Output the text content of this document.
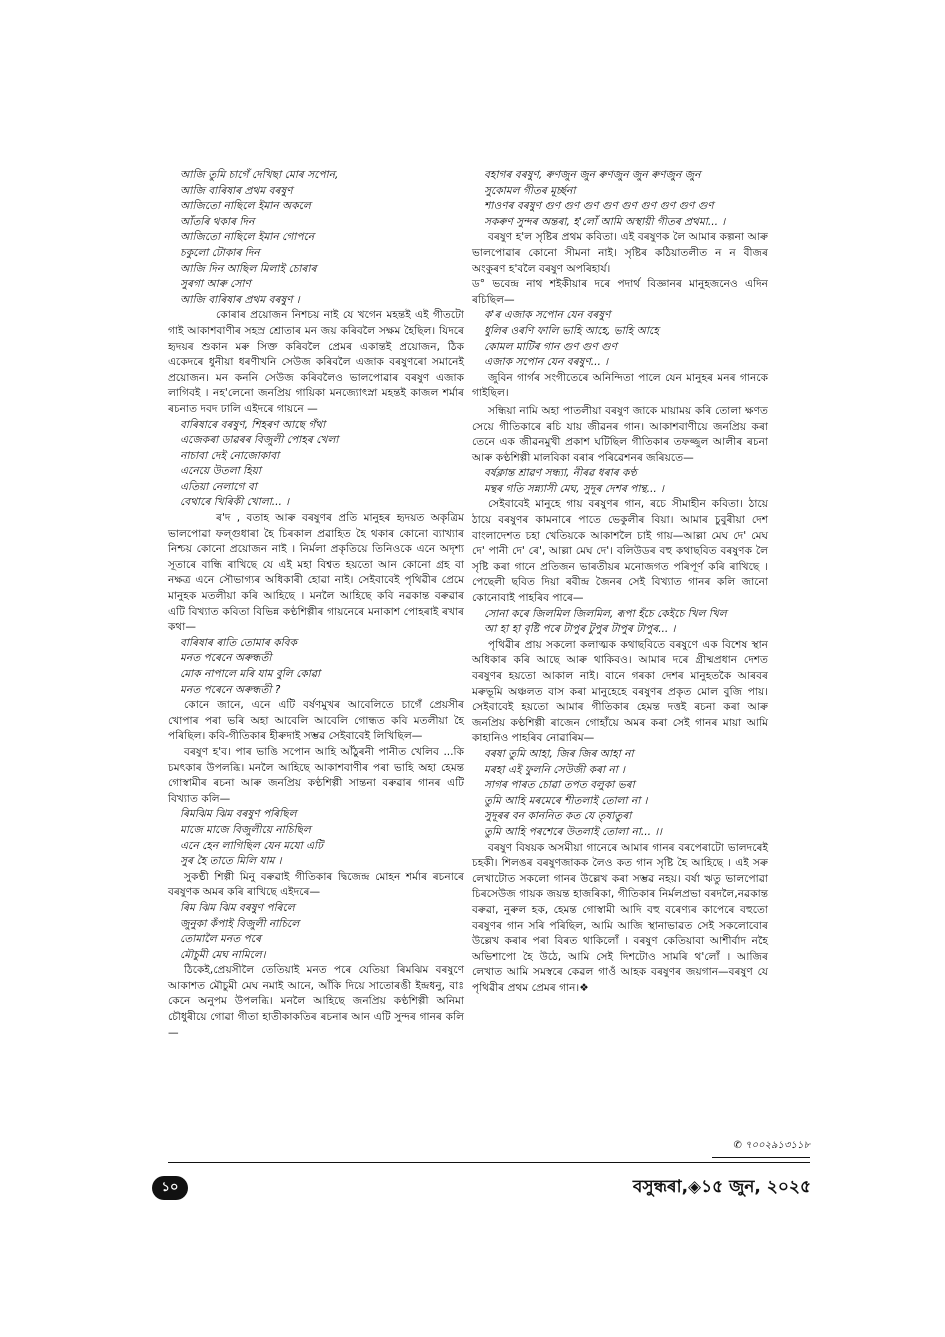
আজি তুমি চাগেঁ দেখিছা মোৰ সপোন,
আজি বাৰিষাৰ প্ৰথম বৰষুণ
আজিতো নাছিলে ইমান অকলে
আঁতৰি থকাৰ দিন
আজিতো নাছিলে ইমান গোপনে
চকুলো টোকাৰ দিন
আজি দিন আছিল মিলাই চোৰাৰ
সুৰগা আৰু সোণ
আজি বাৰিষাৰ প্ৰথম বৰষুণ ।

কোৰাৰ প্ৰয়োজন নিশচয় নাই যে খগেন মহন্তই এই গীতটো গাই আকাশবাণীৰ সহস্ৰ শ্ৰোতাৰ মন জয় কৰিবলৈ সক্ষম হৈছিল। যিদৰে হৃদয়ৰ শুকান মৰু সিক্ত কৰিবলৈ প্ৰেমৰ একান্তই প্ৰয়োজন, ঠিক একেদৰে ধুনীয়া ধৰণীখনি সেউজ কৰিবলৈ এজাক বৰষুণৰো সমানেই প্ৰয়োজন। মন কননি সেউজ কৰিবলৈও ভালপোৱাৰ বৰষুণ এজাক লাগিবই । নহ'লেনো জনপ্ৰিয় গায়িকা মনজ্যোৎস্না মহন্তই কাজল শৰ্মাৰ ৰচনাত দবদ ঢালি এইদৰে গায়নে —

বাৰিষাৰে বৰষুণ, শিহৰণ আছে গঁথা
এজেকৰা ডাৱৰৰ বিজুলী পোহৰ খেলা
নাচাবা দেই নোজোকাবা
এনেয়ে উতলা হিয়া
এতিয়া নেলাগে বা
বেথাৰে খিৰিকী খোলা... ।

ৰ'দ , বতাহ আৰু বৰষুণৰ প্ৰতি মানুহৰ হৃদয়ত অকৃত্ৰিম ভালপোৱা ফল্গুধাৰা হৈ চিৰকাল প্ৰৱাহিত হৈ থকাৰ কোনো ব্যাখ্যাৰ নিশ্চয় কোনো প্ৰয়োজন নাই । নিৰ্মলা প্ৰকৃতিয়ে তিনিওকে এনে অদৃশ্য সূতাৰে বান্ধি ৰাখিছে যে এই মহা বিশ্বত হয়তো আন কোনো গ্ৰহ বা নক্ষত্ৰ এনে সৌভাগ্যৰ অধিকাৰী হোৱা নাই। সেইবাবেই পৃথিৱীৰ প্ৰেমে মানুহক মতলীয়া কৰি আহিছে । মনলৈ আহিছে কবি নৱকান্ত বৰুৱাৰ এটি বিখ্যাত কবিতা বিভিন্ন কণ্ঠশিল্পীৰ গায়নেৰে মনাকাশ পোহৰাই ৰখাৰ কথা—

বাৰিষাৰ ৰাতি তোমাৰ কবিক
মনত পৰেনে অৰুন্ধতী
মোক নাপালে মৰি যাম বুলি কোৱা
মনত পৰেনে অৰুন্ধতী ?

কোনে জানে, এনে এটি বৰ্ষণমুখৰ আবেলিতে চাগেঁ প্ৰেয়সীৰ খোপাৰ পৰা ভৰি অহা আবেলি আবেলি গোন্ধত কবি মতলীয়া হৈ পৰিছিল। কবি-গীতিকাৰ হীৰুদাই সম্ভৱ সেইবাবেই লিখিছিল—

বৰষুণ হ'ব। পাৰ ভাঙি সপোন আহি আঁঠুৰনী পানীত খেলিব ...কি চমৎকাৰ উপলব্ধি। মনলৈ আহিছে আকাশবাণীৰ পৰা ভাহি অহা হেমন্ত গোস্বামীৰ ৰচনা আৰু জনপ্ৰিয় কণ্ঠশিল্পী সান্তনা বৰুৱাৰ গানৰ এটি বিখ্যাত কলি—

ৰিমঝিম ঝিম বৰষুণ পৰিছিল
মাজে মাজে বিজুলীয়ে নাচিছিল
এনে হেন লাগিছিল যেন মযো এটি
সুৰ হৈ তাতে মিলি যাম ।

সুকণ্ঠী শিল্পী মিনু বৰুৱাই গীতিকাৰ দ্বিজেন্দ্ৰ মোহন শৰ্মাৰ ৰচনাৰে বৰষুণক অমৰ কৰি ৰাখিছে এইদৰে—

ৰিম ঝিম ঝিম বৰষুণ পৰিলে
জুনুকা কঁপাই বিজুলী নাচিলে
তোমালৈ মনত পৰে
মৌচুমী মেঘ নামিলে।

ঠিকেই,প্ৰেয়সীলৈ তেতিয়াই মনত পৰে যেতিয়া ৰিমঝিম বৰষুণে আকাশত মৌচুমী মেঘ নমাই আনে, আঁকি দিয়ে সাতোৰঙী ইন্দ্ৰধনু, বাঃ কেনে অনুপম উপলব্ধি। মনলৈ আহিছে জনপ্ৰিয় কণ্ঠশিল্পী অনিমা চৌধুৰীয়ে গোৱা গীতা হাতীকাকতিৰ ৰচনাৰ আন এটি সুন্দৰ গানৰ কলি—

বহাগৰ বৰষুণ, ৰুণজুন জুন ৰুণজুন জুন ৰুণজুন জুন
সুকোমল গীতৰ মূৰ্চ্ছনা
শাওণৰ বৰষুণ গুণ গুণ গুণ গুণ গুণ গুণ গুণ গুণ গুণ
সকৰুণ সুন্দৰ অন্তৰা, হ'লোঁ আমি অস্থায়ী গীতৰ প্ৰথমা... ।

বৰষুণ হ'ল সৃষ্টিৰ প্ৰথম কবিতা। এই বৰষুণক লৈ আমাৰ কল্পনা আৰু ভালপোৱাৰ কোনো সীমনা নাই। সৃষ্টিৰ কঠিয়াতলীত ন ন বীজৰ অংকুৰণ হ'বলৈ বৰষুণ অপৰিহাৰ্য।

ড° ভবেন্দ্ৰ নাথ শইকীয়াৰ দৰে পদাৰ্থ বিজ্ঞানৰ মানুহজনেও এদিন ৰচিছিল—

ক'ৰ এজাক সপোন যেন বৰষুণ
ধুলিৰ ওৰণি ফালি ভাহি আহে, ভাহি আহে
কোমল মাটিৰ গান গুণ গুণ গুণ
এজাক সপোন যেন বৰষুণ... ।

জুবিন গাৰ্গৰ সংগীতেৰে অনিন্দিতা পালে যেন মানুহৰ মনৰ গানকে গাইছিল।

সন্ধিয়া নামি অহা পাতলীয়া বৰষুণ জাকে মায়াময় কৰি তোলা ক্ষণত সেয়ে গীতিকাৰে ৰচি যায় জীৱনৰ গান। আকাশবাণীয়ে জনপ্ৰিয় কৰা তেনে এক জীৱনমুখী প্ৰকাশ ঘটিছিল গীতিকাৰ তফজ্জুল আলীৰ ৰচনা আৰু কণ্ঠশিল্পী মালবিকা বৰাৰ পৰিৱেশনৰ জৰিয়তে—

বৰ্ষক্লান্ত শ্ৰাৱণ সন্ধ্যা, নীৰৱ ধৰাৰ কণ্ঠ
মন্থৰ গতি সন্ন্যাসী মেঘ, সুদূৰ দেশৰ পান্থ... ।

সেইবাবেই মানুহে গায় বৰষুণৰ গান, ৰচে সীমাহীন কবিতা। ঠায়ে ঠায়ে বৰষুণৰ কামনাৰে পাতে ভেকুলীৰ বিয়া। আমাৰ চুবুৰীয়া দেশ বাংলাদেশত চহা খেতিয়কে আকাশলৈ চাই গায়—আল্লা মেঘ দে' মেঘ দে' পানী দে' ৰে', আল্লা মেঘ দে'। বলিউডৰ বহু কথাছবিত বৰষুণক লৈ সৃষ্টি কৰা গানে প্ৰতিজন ভাৰতীয়ৰ মনোজগত পৰিপূৰ্ণ কৰি ৰাখিছে । পেছেলী ছবিত দিয়া ৰবীন্দ্ৰ জৈনৰ সেই বিখ্যাত গানৰ কলি জানো কোনোবাই পাহৰিব পাৰে—

সোনা কৰে জিলমিল জিলমিল, ৰূপা হঁচে কেইচে খিল খিল
আ হা হা বৃষ্টি পৰে টাপুৰ টুপুৰ টাপুৰ টাপুৰ... ।

পৃথিৱীৰ প্ৰায় সকলো কলাত্মক কথাছবিতে বৰষুণে এক বিশেষ স্থান অধিকাৰ কৰি আছে আৰু থাকিবও। আমাৰ দৰে গ্ৰীষ্মপ্ৰধান দেশত বৰষুণৰ হয়তো আকাল নাই। বানে গৰকা দেশৰ মানুহতকৈ আৰবৰ মৰুভূমি অঞ্চলত বাস কৰা মানুহেহে বৰষুণৰ প্ৰকৃত মোল বুজি পায়। সেইবাবেই হয়তো আমাৰ গীতিকাৰ হেমন্ত দত্তই ৰচনা কৰা আৰু জনপ্ৰিয় কণ্ঠশিল্পী ৰাজেন গোহাঁয়ে অমৰ কৰা সেই গানৰ মায়া আমি কাহানিও পাহৰিব নোৱাৰিম—

বৰষা তুমি আহা, জিৰ জিৰ আহা না
মৰহা এই ফুলনি সেউজী কৰা না ।
সাগৰ পাৰত চোৱা তপত বলুকা ভৰা
তুমি আহি মৰমেৰে শীতলাই তোলা না ।
সুদূৰৰ বন কাননিত কত যে তৃষাতুৰা
তুমি আহি পৰশেৰে উতলাই তোলা না... ।।

বৰষুণ বিষয়ক অসমীয়া গানেৰে আমাৰ গানৰ বৰপেৰাটো ভালদৰেই চহকী। শিলঙৰ বৰষুণজাকক লৈও কত গান সৃষ্টি হৈ আহিছে । এই সৰু লেখাটোত সকলো গানৰ উল্লেখ কৰা সম্ভৱ নহয়। বৰ্ষা ঋতু ভালপোৱা চিৰসেউজ গায়ক জয়ন্ত হাজৰিকা, গীতিকাৰ নিৰ্মলপ্ৰভা বৰদলৈ,নৱকান্ত বৰুৱা, নুৰুল হক, হেমন্ত গোস্বামী আদি বহু বৰেণ্যৰ কাপেৰে বহুতো বৰষুণৰ গান সৰি পৰিছিল, আমি আজি স্থানাভাৱত সেই সকলোবোৰ উল্লেখ কৰাৰ পৰা বিৰত থাকিলোঁ । বৰষুণ কেতিয়াবা আশীৰ্বাদ নহৈ অভিশাপো হৈ উঠে, আমি সেই দিশটোও সামৰি থ'লোঁ । আজিৰ লেখাত আমি সমস্বৰে কেৱল গাওঁ আহক বৰষুণৰ জয়গান—বৰষুণ যে পৃথিৱীৰ প্ৰথম প্ৰেমৰ গান।❖

✆ ৭০০২৯১৩১১৮
১০	বসুন্ধৰা,◈১৫ জুন, ২০২৫
